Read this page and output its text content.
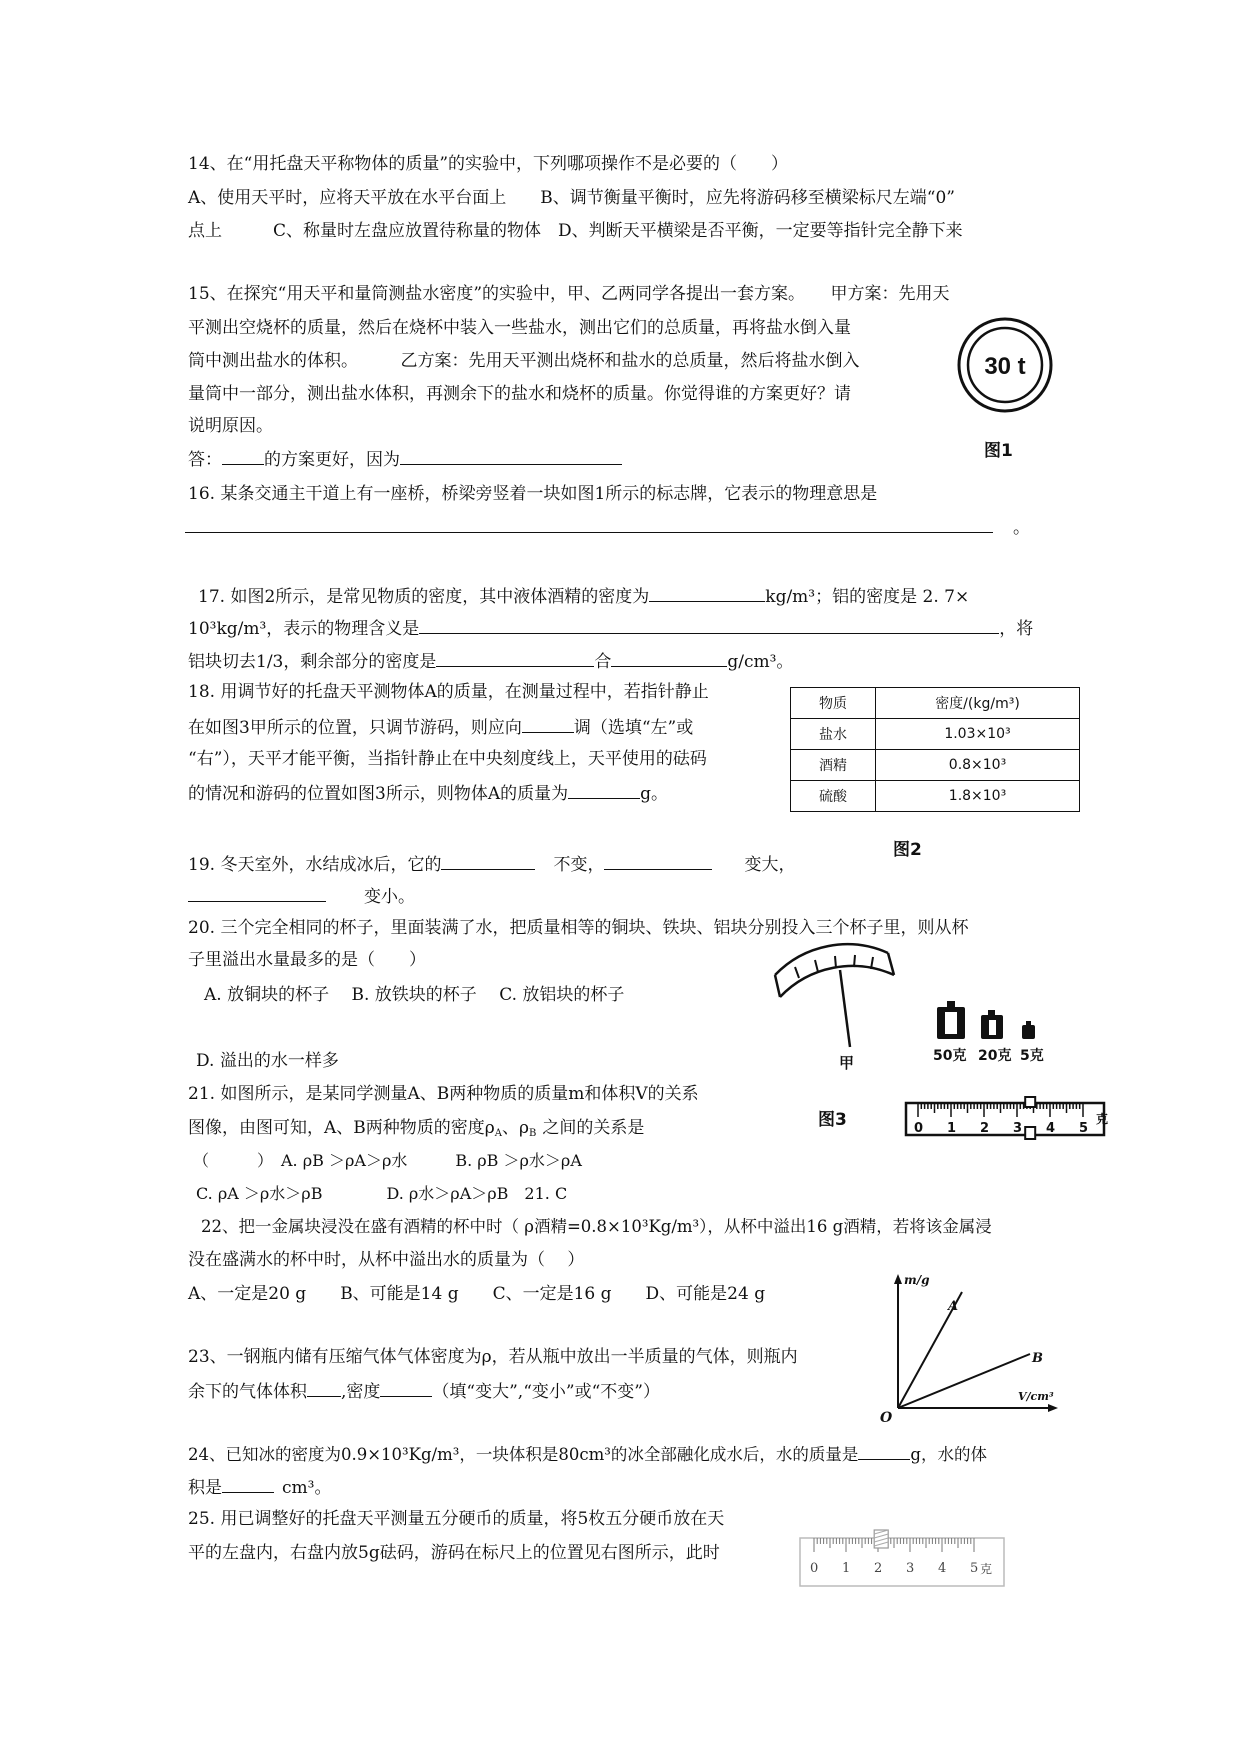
14、在“用托盘天平称物体的质量”的实验中，下列哪项操作不是必要的（　　）
A、使用天平时，应将天平放在水平台面上　　B、调节衡量平衡时，应先将游码移至横梁标尺左端“0”
点上　　　C、称量时左盘应放置待称量的物体　D、判断天平横梁是否平衡，一定要等指针完全静下来
15、在探究“用天平和量筒测盐水密度”的实验中，甲、乙两同学各提出一套方案。　　甲方案：先用天
平测出空烧杯的质量，然后在烧杯中装入一些盐水，测出它们的总质量，再将盐水倒入量
筒中测出盐水的体积。　　　乙方案：先用天平测出烧杯和盐水的总质量，然后将盐水倒入
量筒中一部分，测出盐水体积，再测余下的盐水和烧杯的质量。你觉得谁的方案更好？请
说明原因。
答： 的方案更好，因为
30 t
图1
16. 某条交通主干道上有一座桥，桥梁旁竖着一块如图1所示的标志牌，它表示的物理意思是
。
17. 如图2所示，是常见物质的密度，其中液体酒精的密度为	kg/m³；铝的密度是 2. 7×
10³kg/m³，表示的物理含义是	，将
铝块切去1/3，剩余部分的密度是	合	g/cm³。
18. 用调节好的托盘天平测物体A的质量，在测量过程中，若指针静止
在如图3甲所示的位置，只调节游码，则应向	调（选填“左”或
“右”），天平才能平衡，当指针静止在中央刻度线上，天平使用的砝码
的情况和游码的位置如图3所示，则物体A的质量为	g。
物质	密度/(kg/m³)
盐水	1.03×10³
酒精	0.8×10³
硫酸	1.8×10³
图2
19. 冬天室外，水结成冰后，它的	不变，	变大，
变小。
20. 三个完全相同的杯子，里面装满了水，把质量相等的铜块、铁块、铝块分别投入三个杯子里，则从杯
子里溢出水量最多的是（　　）
A. 放铜块的杯子　 B. 放铁块的杯子　 C. 放铝块的杯子
D. 溢出的水一样多	甲	50克 20克 5克
图3	0 1 2 3 4 5
克
21. 如图所示，是某同学测量A、B两种物质的质量m和体积V的关系
图像，由图可知，A、B两种物质的密度$\rho_A$、$\rho_B$ 之间的关系是
（　　　）　A. ρB ＞ρA＞ρ水　　　B. ρB ＞ρ水＞ρA
C. ρA ＞ρ水＞ρB　　　　D. ρ水＞ρA＞ρB　21. C
22、把一金属块浸没在盛有酒精的杯中时（ ρ酒精=0.8×10³Kg/m³），从杯中溢出16 g酒精，若将该金属浸
没在盛满水的杯中时，从杯中溢出水的质量为（　 ）
A、一定是20 g　　B、可能是14 g　　C、一定是16 g　　D、可能是24 g
m/g
A
B
V/cm³
O
23、一钢瓶内储有压缩气体气体密度为ρ，若从瓶中放出一半质量的气体，则瓶内
余下的气体体积 ,密度	（填“变大”,“变小”或“不变”）
24、已知冰的密度为0.9×10³Kg/m³，一块体积是80cm³的冰全部融化成水后，水的质量是	g，水的体
积是	cm³。
25. 用已调整好的托盘天平测量五分硬币的质量，将5枚五分硬币放在天
平的左盘内，右盘内放5g砝码，游码在标尺上的位置见右图所示，此时
0 1 2 3 4 5 克
